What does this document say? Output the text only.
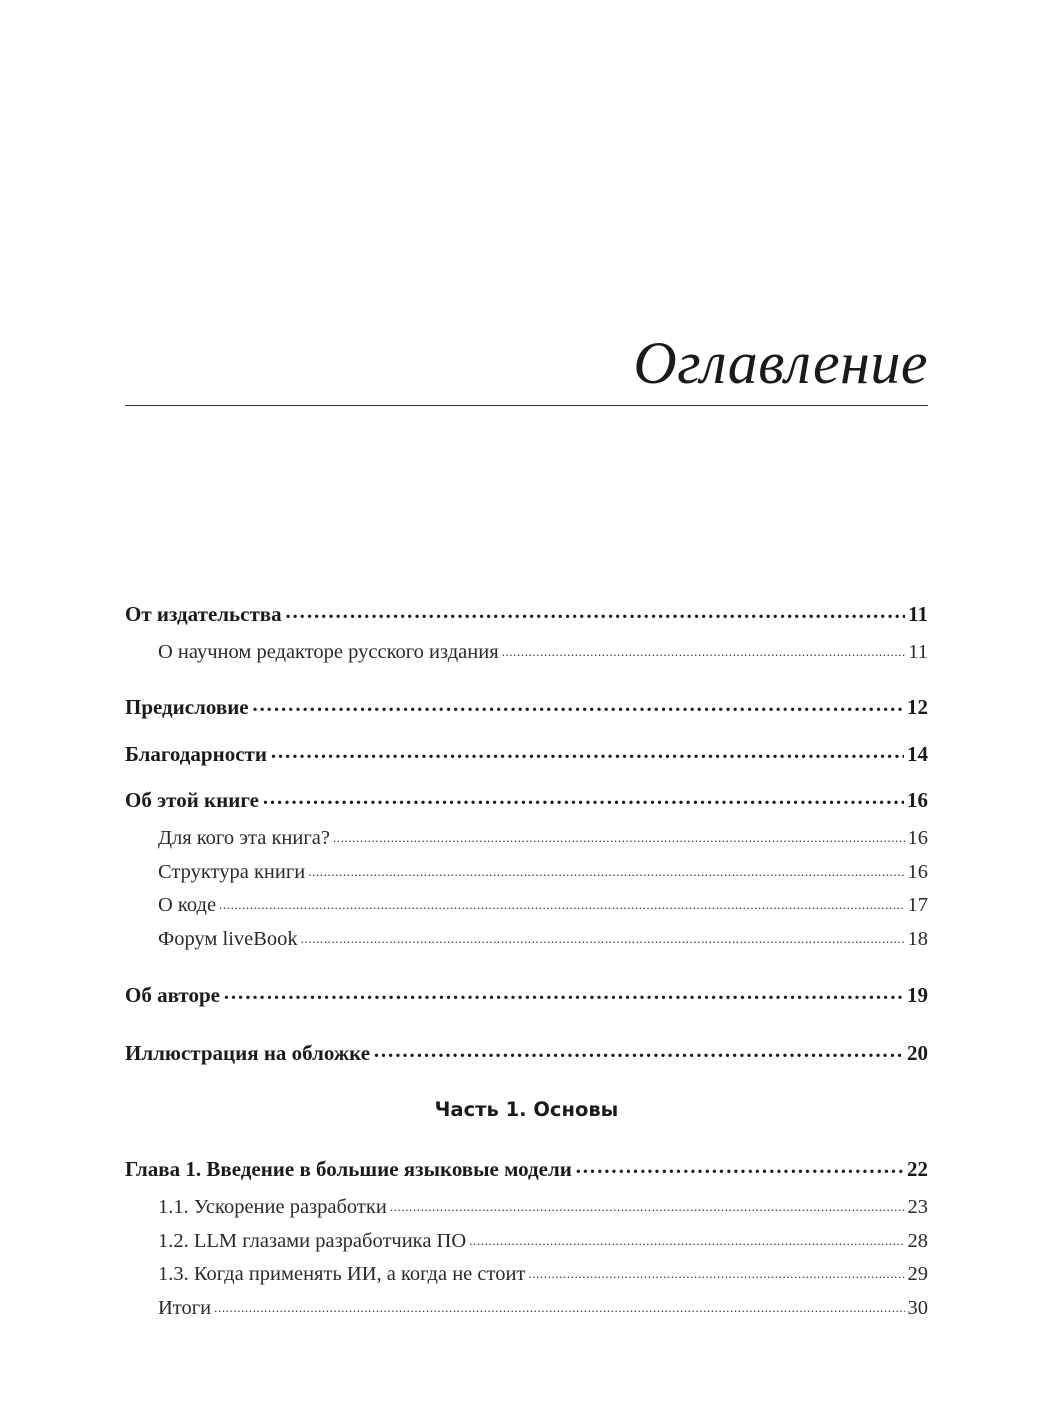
Оглавление
От издательства ……………………………………………………………………………………………………………………………………………………………………………………	11
О научном редакторе русского издания .....	11
Предисловие ……………………………………………………………………………………………………………………………………………………………………………………	12
Благодарности ……………………………………………………………………………………………………………………………………………………………………………………	14
Об этой книге ……………………………………………………………………………………………………………………………………………………………………………………	16
Для кого эта книга? .....	16
Структура книги .....	16
О коде .....	17
Форум liveBook .....	18
Об авторе ……………………………………………………………………………………………………………………………………………………………………………………	19
Иллюстрация на обложке ……………………………………………………………………………………………………………………………………………………………………………………	20
Часть 1. Основы
Глава 1. Введение в большие языковые модели ……………………………………………………………………………………………………………………………………………………………………………………	22
1.1. Ускорение разработки .....	23
1.2. LLM глазами разработчика ПО .....	28
1.3. Когда применять ИИ, а когда не стоит .....	29
Итоги .....	30
